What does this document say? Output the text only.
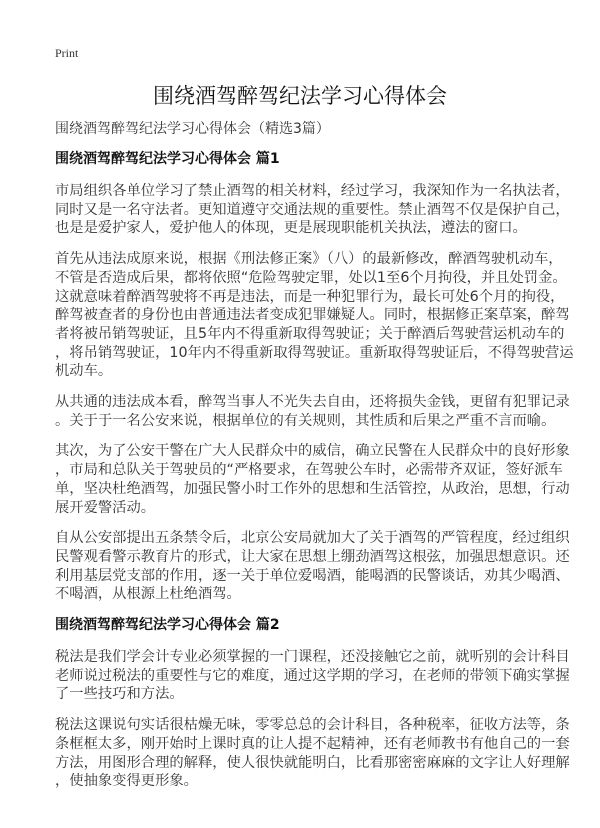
Print
围绕酒驾醉驾纪法学习心得体会
围绕酒驾醉驾纪法学习心得体会（精选3篇）
围绕酒驾醉驾纪法学习心得体会 篇1
市局组织各单位学习了禁止酒驾的相关材料，经过学习，我深知作为一名执法者，
同时又是一名守法者。更知道遵守交通法规的重要性。禁止酒驾不仅是保护自己，
也是是爱护家人，爱护他人的体现，更是展现职能机关执法，遵法的窗口。
首先从违法成原来说，根据《刑法修正案》（八）的最新修改，醉酒驾驶机动车，
不管是否造成后果，都将依照“危险驾驶定罪，处以1至6个月拘役，并且处罚金。
这就意味着醉酒驾驶将不再是违法，而是一种犯罪行为，最长可处6个月的拘役，
醉驾被查者的身份也由普通违法者变成犯罪嫌疑人。同时，根据修正案草案，醉驾
者将被吊销驾驶证，且5年内不得重新取得驾驶证；关于醉酒后驾驶营运机动车的
，将吊销驾驶证，10年内不得重新取得驾驶证。重新取得驾驶证后，不得驾驶营运
机动车。
从共通的违法成本看，醉驾当事人不光失去自由，还将损失金钱，更留有犯罪记录
。关于于一名公安来说，根据单位的有关规则，其性质和后果之严重不言而喻。
其次，为了公安干警在广大人民群众中的威信，确立民警在人民群众中的良好形象
，市局和总队关于驾驶员的“严格要求，在驾驶公车时，必需带齐双证，签好派车
单，坚决杜绝酒驾，加强民警小时工作外的思想和生活管控，从政治，思想，行动
展开爱警活动。
自从公安部提出五条禁令后，北京公安局就加大了关于酒驾的严管程度，经过组织
民警观看警示教育片的形式，让大家在思想上绷劲酒驾这根弦，加强思想意识。还
利用基层党支部的作用，逐一关于单位爱喝酒，能喝酒的民警谈话，劝其少喝酒、
不喝酒，从根源上杜绝酒驾。
围绕酒驾醉驾纪法学习心得体会 篇2
税法是我们学会计专业必须掌握的一门课程，还没接触它之前，就听别的会计科目
老师说过税法的重要性与它的难度，通过这学期的学习，在老师的带领下确实掌握
了一些技巧和方法。
税法这课说句实话很枯燥无味，零零总总的会计科目，各种税率，征收方法等，条
条框框太多，刚开始时上课时真的让人提不起精神，还有老师教书有他自己的一套
方法，用图形合理的解释，使人很快就能明白，比看那密密麻麻的文字让人好理解
，使抽象变得更形象。
